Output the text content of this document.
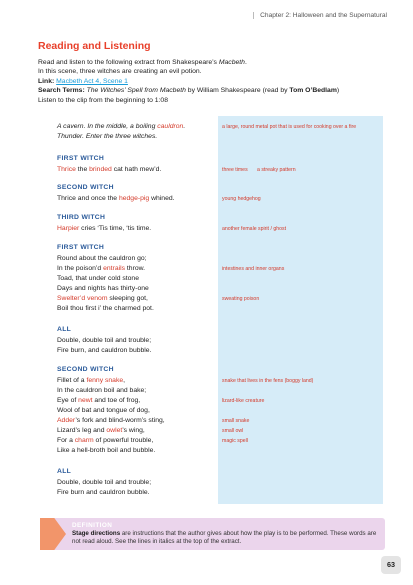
Chapter 2: Halloween and the Supernatural
Reading and Listening
Read and listen to the following extract from Shakespeare’s Macbeth.
In this scene, three witches are creating an evil potion.
Link: Macbeth Act 4, Scene 1
Search Terms: The Witches’ Spell from Macbeth by William Shakespeare (read by Tom O’Bedlam)
Listen to the clip from the beginning to 1:08
A cavern. In the middle, a boiling cauldron.	a large, round metal pot that is used for cooking over a fire
Thunder. Enter the three witches.
FIRST WITCH
Thrice the brinded cat hath mew’d.	three times a streaky pattern
SECOND WITCH
Thrice and once the hedge-pig whined.	young hedgehog
THIRD WITCH
Harpier cries ‘Tis time, ‘tis time.	another female spirit / ghost
FIRST WITCH
Round about the cauldron go;
In the poison’d entrails throw.	intestines and inner organs
Toad, that under cold stone
Days and nights has thirty-one
Swelter’d venom sleeping got,	sweating poison
Boil thou first i’ the charmed pot.
ALL
Double, double toil and trouble;
Fire burn, and cauldron bubble.
SECOND WITCH
Fillet of a fenny snake,	snake that lives in the fens (boggy land)
In the cauldron boil and bake;
Eye of newt and toe of frog,	lizard-like creature
Wool of bat and tongue of dog,
Adder’s fork and blind-worm’s sting,	small snake
Lizard’s leg and owlet’s wing,	small owl
For a charm of powerful trouble,	magic spell
Like a hell-broth boil and bubble.
ALL
Double, double toil and trouble;
Fire burn and cauldron bubble.
DEFINITION
Stage directions are instructions that the author gives about how the play is to be performed. These words are not read aloud. See the lines in italics at the top of the extract.
63
